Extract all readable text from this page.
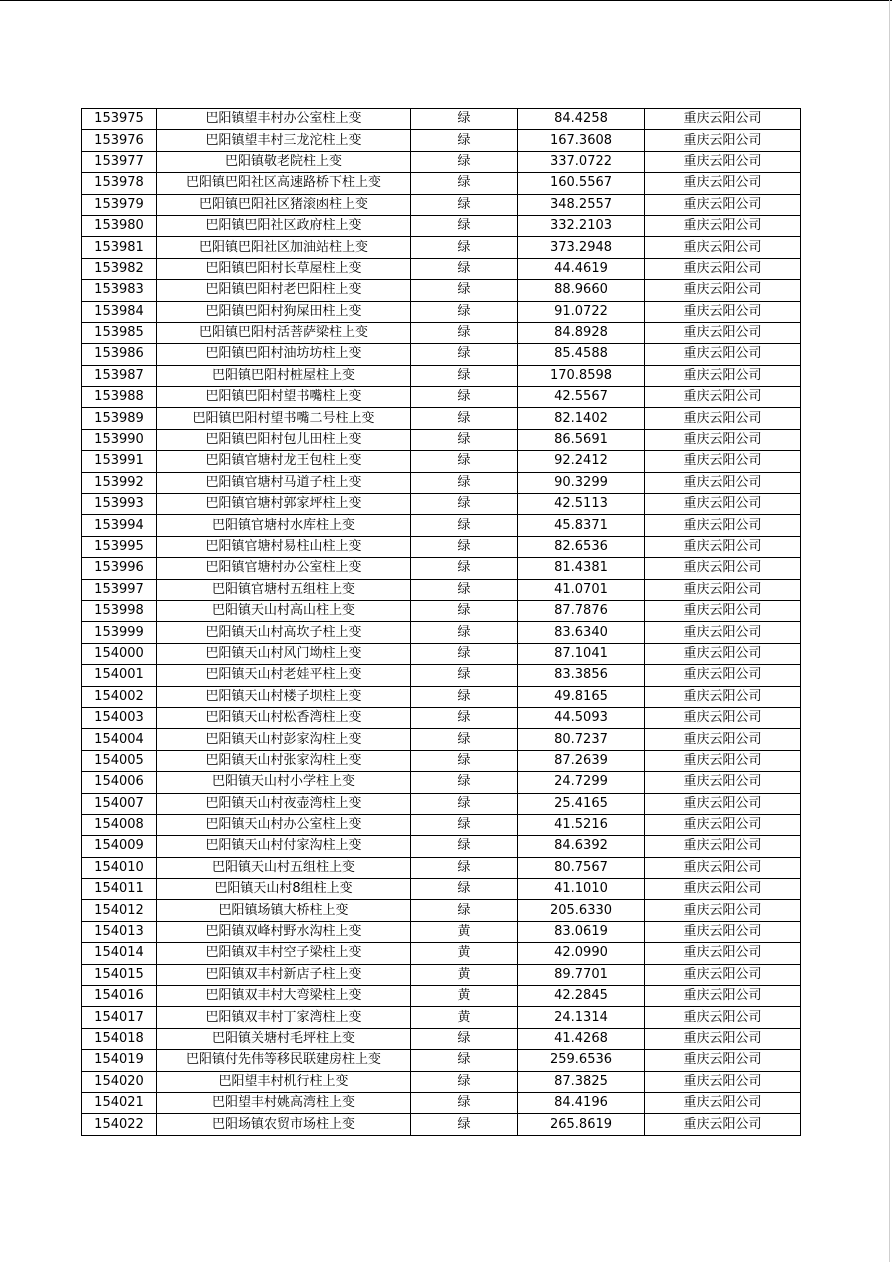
153975	巴阳镇望丰村办公室柱上变	绿	84.4258	重庆云阳公司
153976	巴阳镇望丰村三龙沱柱上变	绿	167.3608	重庆云阳公司
153977	巴阳镇敬老院柱上变	绿	337.0722	重庆云阳公司
153978	巴阳镇巴阳社区高速路桥下柱上变	绿	160.5567	重庆云阳公司
153979	巴阳镇巴阳社区猪滚凼柱上变	绿	348.2557	重庆云阳公司
153980	巴阳镇巴阳社区政府柱上变	绿	332.2103	重庆云阳公司
153981	巴阳镇巴阳社区加油站柱上变	绿	373.2948	重庆云阳公司
153982	巴阳镇巴阳村长草屋柱上变	绿	44.4619	重庆云阳公司
153983	巴阳镇巴阳村老巴阳柱上变	绿	88.9660	重庆云阳公司
153984	巴阳镇巴阳村狗屎田柱上变	绿	91.0722	重庆云阳公司
153985	巴阳镇巴阳村活菩萨梁柱上变	绿	84.8928	重庆云阳公司
153986	巴阳镇巴阳村油坊坊柱上变	绿	85.4588	重庆云阳公司
153987	巴阳镇巴阳村桩屋柱上变	绿	170.8598	重庆云阳公司
153988	巴阳镇巴阳村望书嘴柱上变	绿	42.5567	重庆云阳公司
153989	巴阳镇巴阳村望书嘴二号柱上变	绿	82.1402	重庆云阳公司
153990	巴阳镇巴阳村包儿田柱上变	绿	86.5691	重庆云阳公司
153991	巴阳镇官塘村龙王包柱上变	绿	92.2412	重庆云阳公司
153992	巴阳镇官塘村马道子柱上变	绿	90.3299	重庆云阳公司
153993	巴阳镇官塘村郭家坪柱上变	绿	42.5113	重庆云阳公司
153994	巴阳镇官塘村水库柱上变	绿	45.8371	重庆云阳公司
153995	巴阳镇官塘村易柱山柱上变	绿	82.6536	重庆云阳公司
153996	巴阳镇官塘村办公室柱上变	绿	81.4381	重庆云阳公司
153997	巴阳镇官塘村五组柱上变	绿	41.0701	重庆云阳公司
153998	巴阳镇天山村高山柱上变	绿	87.7876	重庆云阳公司
153999	巴阳镇天山村高坎子柱上变	绿	83.6340	重庆云阳公司
154000	巴阳镇天山村风门坳柱上变	绿	87.1041	重庆云阳公司
154001	巴阳镇天山村老娃平柱上变	绿	83.3856	重庆云阳公司
154002	巴阳镇天山村楼子坝柱上变	绿	49.8165	重庆云阳公司
154003	巴阳镇天山村松香湾柱上变	绿	44.5093	重庆云阳公司
154004	巴阳镇天山村彭家沟柱上变	绿	80.7237	重庆云阳公司
154005	巴阳镇天山村张家沟柱上变	绿	87.2639	重庆云阳公司
154006	巴阳镇天山村小学柱上变	绿	24.7299	重庆云阳公司
154007	巴阳镇天山村夜壶湾柱上变	绿	25.4165	重庆云阳公司
154008	巴阳镇天山村办公室柱上变	绿	41.5216	重庆云阳公司
154009	巴阳镇天山村付家沟柱上变	绿	84.6392	重庆云阳公司
154010	巴阳镇天山村五组柱上变	绿	80.7567	重庆云阳公司
154011	巴阳镇天山村8组柱上变	绿	41.1010	重庆云阳公司
154012	巴阳镇场镇大桥柱上变	绿	205.6330	重庆云阳公司
154013	巴阳镇双峰村野水沟柱上变	黄	83.0619	重庆云阳公司
154014	巴阳镇双丰村空子梁柱上变	黄	42.0990	重庆云阳公司
154015	巴阳镇双丰村新店子柱上变	黄	89.7701	重庆云阳公司
154016	巴阳镇双丰村大弯梁柱上变	黄	42.2845	重庆云阳公司
154017	巴阳镇双丰村丁家湾柱上变	黄	24.1314	重庆云阳公司
154018	巴阳镇关塘村毛坪柱上变	绿	41.4268	重庆云阳公司
154019	巴阳镇付先伟等移民联建房柱上变	绿	259.6536	重庆云阳公司
154020	巴阳望丰村机行柱上变	绿	87.3825	重庆云阳公司
154021	巴阳望丰村姚高湾柱上变	绿	84.4196	重庆云阳公司
154022	巴阳场镇农贸市场柱上变	绿	265.8619	重庆云阳公司
